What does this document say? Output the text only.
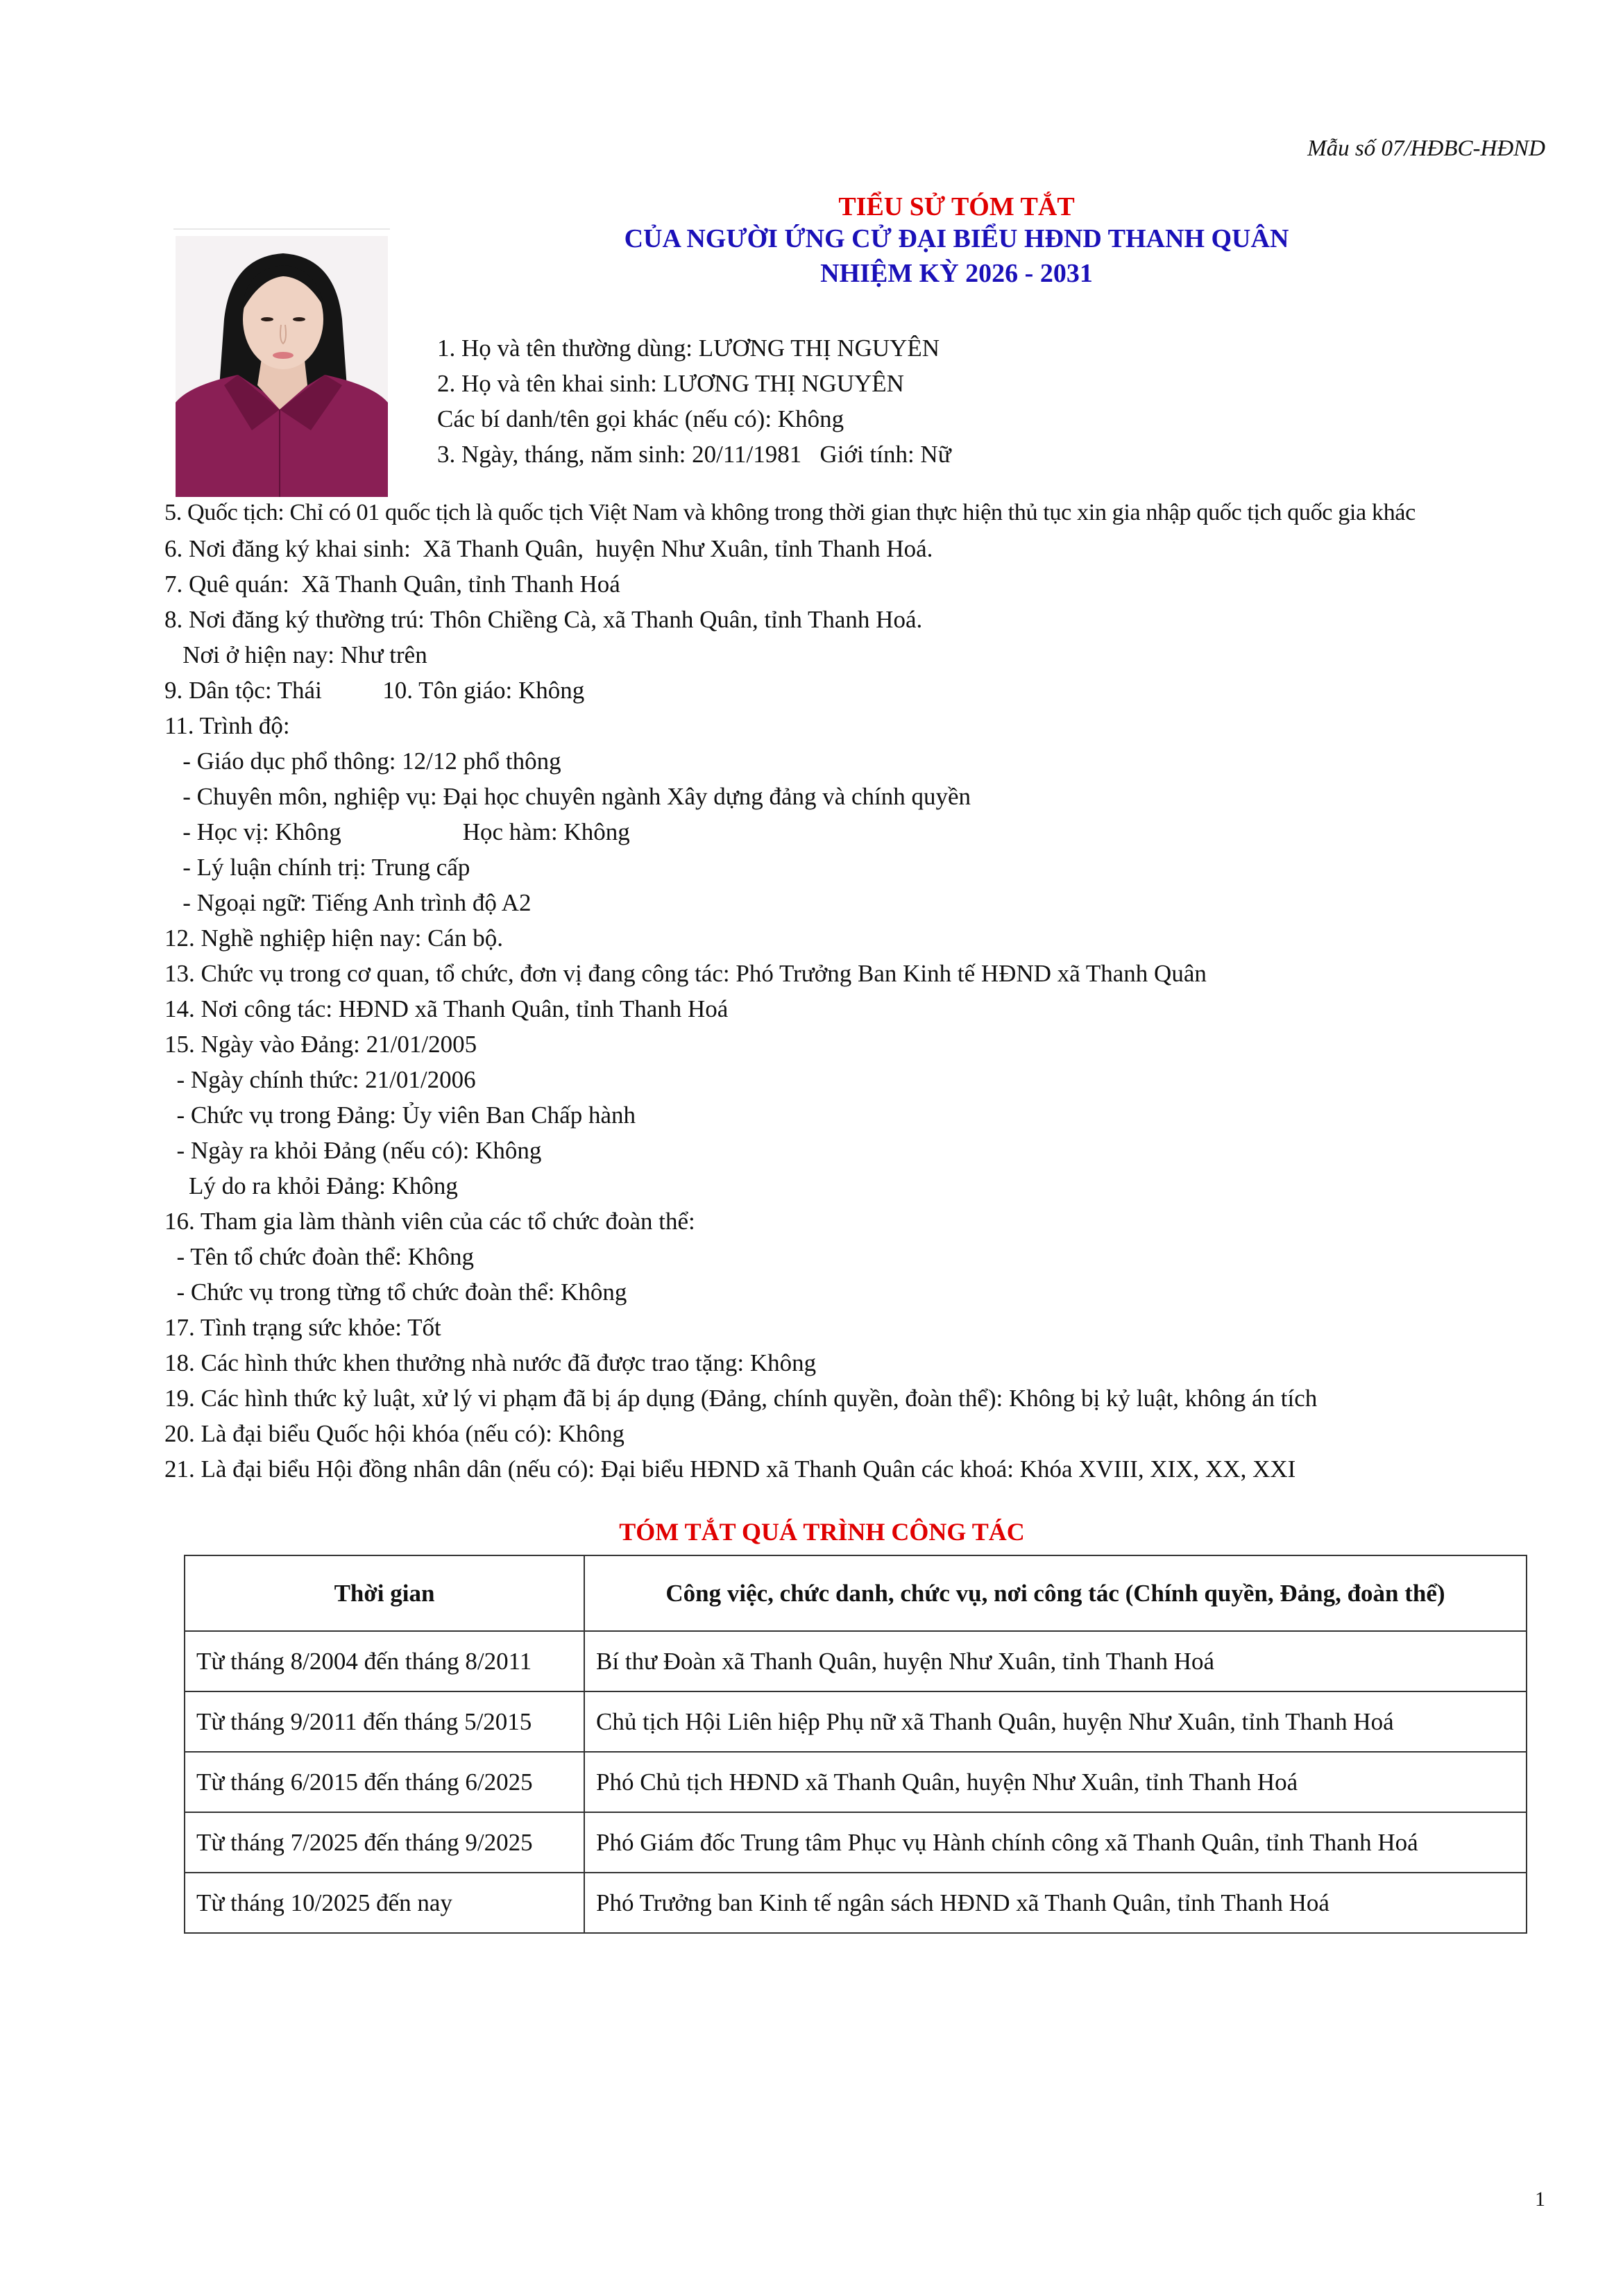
Mẫu số 07/HĐBC-HĐND
TIỂU SỬ TÓM TẮT
CỦA NGƯỜI ỨNG CỬ ĐẠI BIỂU HĐND THANH QUÂN
NHIỆM KỲ 2026 - 2031
1. Họ và tên thường dùng: LƯƠNG THỊ NGUYÊN
2. Họ và tên khai sinh: LƯƠNG THỊ NGUYÊN
Các bí danh/tên gọi khác (nếu có): Không
3. Ngày, tháng, năm sinh: 20/11/1981   Giới tính: Nữ
5. Quốc tịch: Chỉ có 01 quốc tịch là quốc tịch Việt Nam và không trong thời gian thực hiện thủ tục xin gia nhập quốc tịch quốc gia khác
6. Nơi đăng ký khai sinh:  Xã Thanh Quân,  huyện Như Xuân, tỉnh Thanh Hoá.
7. Quê quán:  Xã Thanh Quân, tỉnh Thanh Hoá
8. Nơi đăng ký thường trú: Thôn Chiềng Cà, xã Thanh Quân, tỉnh Thanh Hoá.
Nơi ở hiện nay: Như trên
9. Dân tộc: Thái          10. Tôn giáo: Không
11. Trình độ:
- Giáo dục phổ thông: 12/12 phổ thông
- Chuyên môn, nghiệp vụ: Đại học chuyên ngành Xây dựng đảng và chính quyền
- Học vị: Không                    Học hàm: Không
- Lý luận chính trị: Trung cấp
- Ngoại ngữ: Tiếng Anh trình độ A2
12. Nghề nghiệp hiện nay: Cán bộ.
13. Chức vụ trong cơ quan, tổ chức, đơn vị đang công tác: Phó Trưởng Ban Kinh tế HĐND xã Thanh Quân
14. Nơi công tác: HĐND xã Thanh Quân, tỉnh Thanh Hoá
15. Ngày vào Đảng: 21/01/2005
- Ngày chính thức: 21/01/2006
- Chức vụ trong Đảng: Ủy viên Ban Chấp hành
- Ngày ra khỏi Đảng (nếu có): Không
Lý do ra khỏi Đảng: Không
16. Tham gia làm thành viên của các tổ chức đoàn thể:
- Tên tổ chức đoàn thể: Không
- Chức vụ trong từng tổ chức đoàn thể: Không
17. Tình trạng sức khỏe: Tốt
18. Các hình thức khen thưởng nhà nước đã được trao tặng: Không
19. Các hình thức kỷ luật, xử lý vi phạm đã bị áp dụng (Đảng, chính quyền, đoàn thể): Không bị kỷ luật, không án tích
20. Là đại biểu Quốc hội khóa (nếu có): Không
21. Là đại biểu Hội đồng nhân dân (nếu có): Đại biểu HĐND xã Thanh Quân các khoá: Khóa XVIII, XIX, XX, XXI
TÓM TẮT QUÁ TRÌNH CÔNG TÁC
Thời gian	Công việc, chức danh, chức vụ, nơi công tác (Chính quyền, Đảng, đoàn thể)
Từ tháng 8/2004 đến tháng 8/2011	Bí thư Đoàn xã Thanh Quân, huyện Như Xuân, tỉnh Thanh Hoá
Từ tháng 9/2011 đến tháng 5/2015	Chủ tịch Hội Liên hiệp Phụ nữ xã Thanh Quân, huyện Như Xuân, tỉnh Thanh Hoá
Từ tháng 6/2015 đến tháng 6/2025	Phó Chủ tịch HĐND xã Thanh Quân, huyện Như Xuân, tỉnh Thanh Hoá
Từ tháng 7/2025 đến tháng 9/2025	Phó Giám đốc Trung tâm Phục vụ Hành chính công xã Thanh Quân, tỉnh Thanh Hoá
Từ tháng 10/2025 đến nay	Phó Trưởng ban Kinh tế ngân sách HĐND xã Thanh Quân, tỉnh Thanh Hoá
1
